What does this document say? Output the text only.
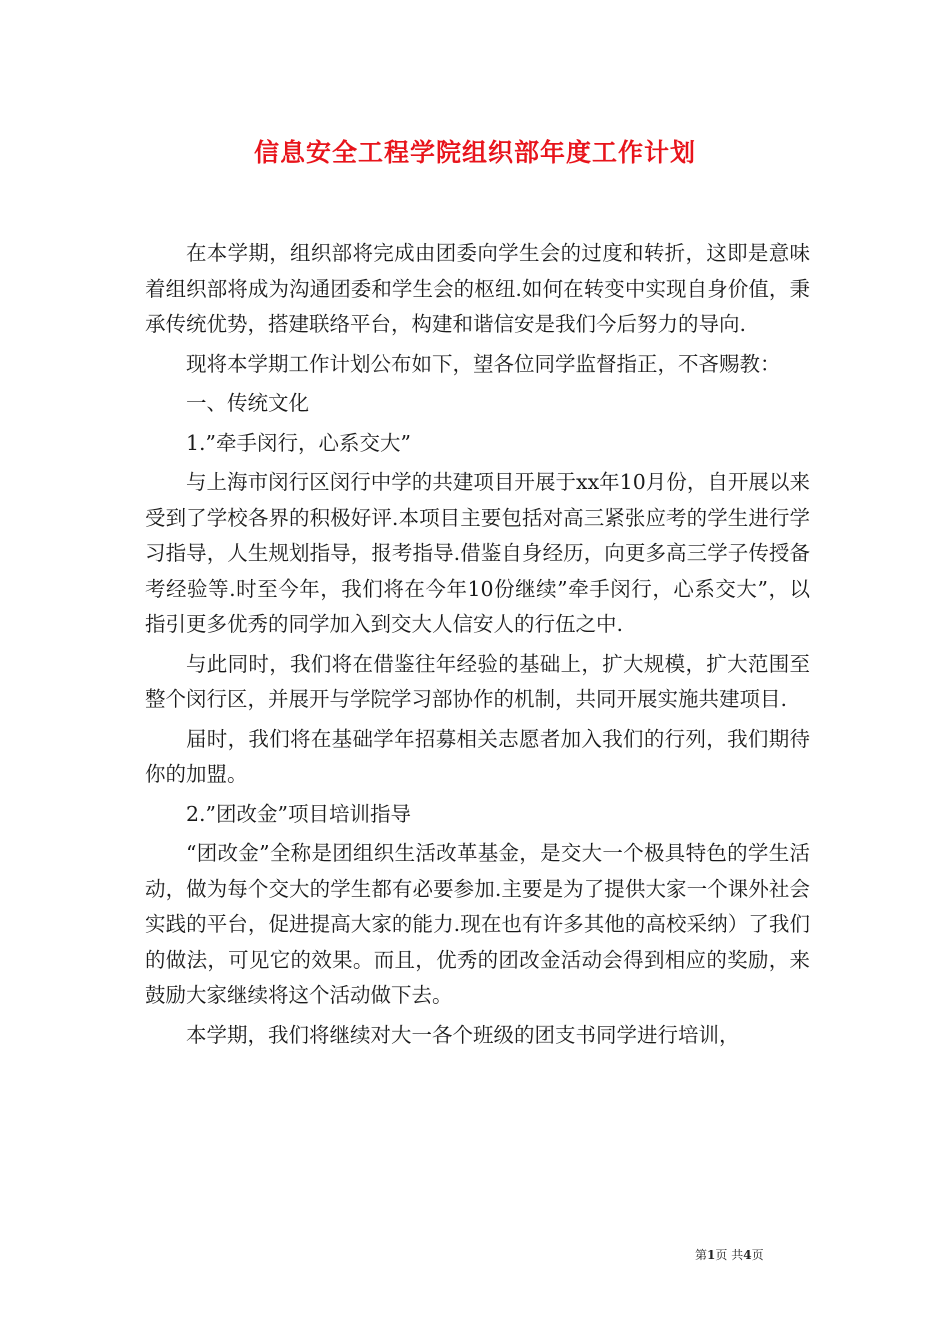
信息安全工程学院组织部年度工作计划

在本学期，组织部将完成由团委向学生会的过度和转折，这即是意味着组织部将成为沟通团委和学生会的枢纽.如何在转变中实现自身价值，秉承传统优势，搭建联络平台，构建和谐信安是我们今后努力的导向.

现将本学期工作计划公布如下，望各位同学监督指正，不吝赐教：

一、传统文化

1.”牵手闵行，心系交大”

与上海市闵行区闵行中学的共建项目开展于xx年10月份，自开展以来受到了学校各界的积极好评.本项目主要包括对高三紧张应考的学生进行学习指导，人生规划指导，报考指导.借鉴自身经历，向更多高三学子传授备考经验等.时至今年，我们将在今年10份继续”牵手闵行，心系交大”，以指引更多优秀的同学加入到交大人信安人的行伍之中.

与此同时，我们将在借鉴往年经验的基础上，扩大规模，扩大范围至整个闵行区，并展开与学院学习部协作的机制，共同开展实施共建项目.

届时，我们将在基础学年招募相关志愿者加入我们的行列，我们期待你的加盟。

2.”团改金”项目培训指导

“团改金”全称是团组织生活改革基金，是交大一个极具特色的学生活动，做为每个交大的学生都有必要参加.主要是为了提供大家一个课外社会实践的平台，促进提高大家的能力.现在也有许多其他的高校采纳）了我们的做法，可见它的效果。而且，优秀的团改金活动会得到相应的奖励，来鼓励大家继续将这个活动做下去。

本学期，我们将继续对大一各个班级的团支书同学进行培训，

第1页 共4页
